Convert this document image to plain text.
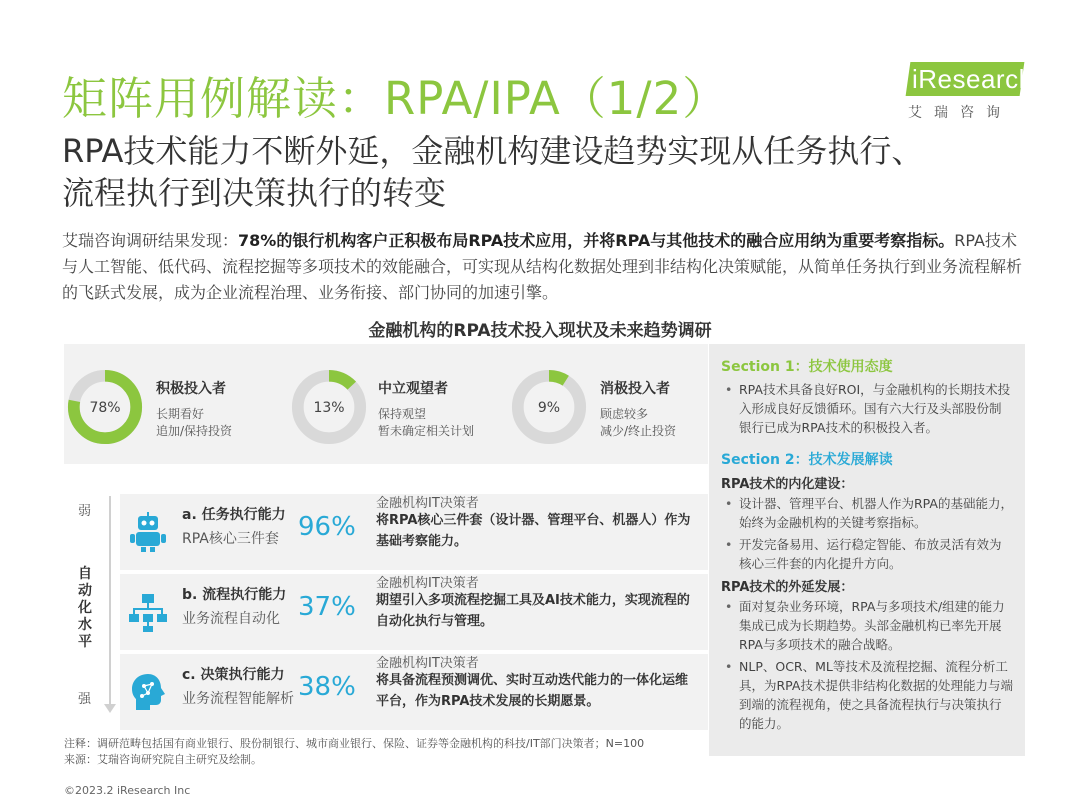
矩阵用例解读：RPA/IPA（1/2）	iResearch
艾瑞咨询
RPA技术能力不断外延，金融机构建设趋势实现从任务执行、
流程执行到决策执行的转变
艾瑞咨询调研结果发现：78%的银行机构客户正积极布局RPA技术应用，并将RPA与其他技术的融合应用纳为重要考察指标。RPA技术与人工智能、低代码、流程挖掘等多项技术的效能融合，可实现从结构化数据处理到非结构化决策赋能，从简单任务执行到业务流程解析的飞跃式发展，成为企业流程治理、业务衔接、部门协同的加速引擎。
金融机构的RPA技术投入现状及未来趋势调研
78%
积极投入者
长期看好
追加/保持投资
13%
中立观望者
保持观望
暂未确定相关计划
9%
消极投入者
顾虑较多
减少/终止投资
弱
自动化水平
强
a. 任务执行能力
RPA核心三件套 96%
金融机构IT决策者
将RPA核心三件套（设计器、管理平台、机器人）作为基础考察能力。
b. 流程执行能力
业务流程自动化 37%
金融机构IT决策者
期望引入多项流程挖掘工具及AI技术能力，实现流程的自动化执行与管理。
c. 决策执行能力
业务流程智能解析 38%
金融机构IT决策者
将具备流程预测调优、实时互动迭代能力的一体化运维平台，作为RPA技术发展的长期愿景。
Section 1：技术使用态度
• RPA技术具备良好ROI，与金融机构的长期技术投入形成良好反馈循环。国有六大行及头部股份制银行已成为RPA技术的积极投入者。
Section 2：技术发展解读
RPA技术的内化建设：
• 设计器、管理平台、机器人作为RPA的基础能力，始终为金融机构的关键考察指标。
• 开发完备易用、运行稳定智能、布放灵活有效为核心三件套的内化提升方向。
RPA技术的外延发展：
• 面对复杂业务环境，RPA与多项技术/组建的能力集成已成为长期趋势。头部金融机构已率先开展RPA与多项技术的融合战略。
• NLP、OCR、ML等技术及流程挖掘、流程分析工具，为RPA技术提供非结构化数据的处理能力与端到端的流程视角，使之具备流程执行与决策执行的能力。
注释：调研范畴包括国有商业银行、股份制银行、城市商业银行、保险、证券等金融机构的科技/IT部门决策者；N=100
来源：艾瑞咨询研究院自主研究及绘制。
©2023.2 iResearch Inc
